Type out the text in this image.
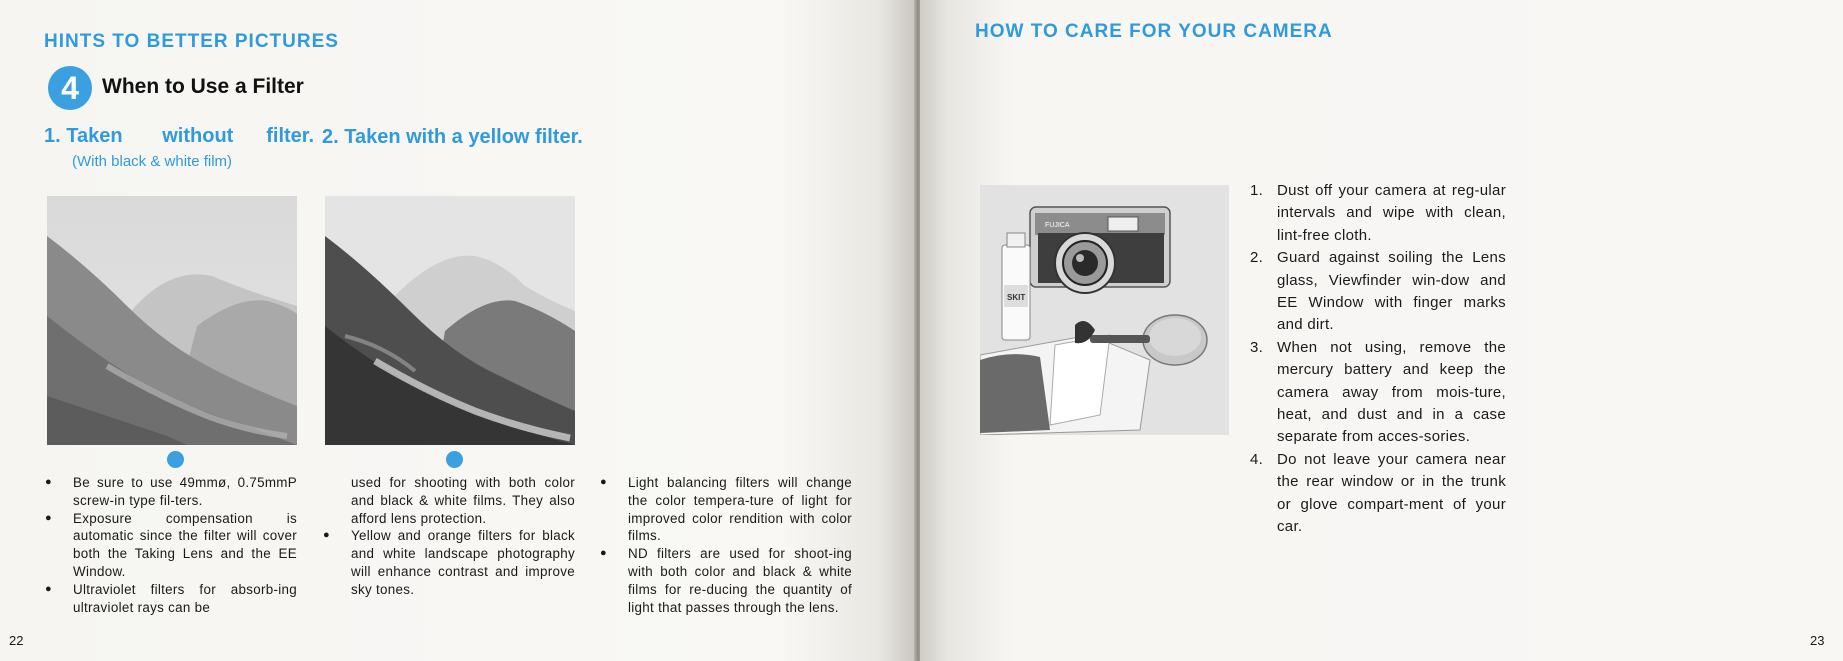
HINTS TO BETTER PICTURES
4	When to Use a Filter

1. Taken without filter.

(With black & white film)

2. Taken with a yellow filter.

● Be sure to use 49mmø, 0.75mmP screw-in type fil-ters.
● Exposure compensation is automatic since the filter will cover both the Taking Lens and the EE Window.
● Ultraviolet filters for absorb-ing ultraviolet rays can be
used for shooting with both color and black & white films. They also afford lens protection.
● Yellow and orange filters for black and white landscape photography will enhance contrast and improve sky tones.
● Light balancing filters will change the color tempera-ture of light for improved color rendition with color films.
● ND filters are used for shoot-ing with both color and black & white films for re-ducing the quantity of light that passes through the lens.
22
HOW TO CARE FOR YOUR CAMERA
FUJICA
SKIT
1. Dust off your camera at reg-ular intervals and wipe with clean, lint-free cloth.
2. Guard against soiling the Lens glass, Viewfinder win-dow and EE Window with finger marks and dirt.
3. When not using, remove the mercury battery and keep the camera away from mois-ture, heat, and dust and in a case separate from acces-sories.
4. Do not leave your camera near the rear window or in the trunk or glove compart-ment of your car.
23
